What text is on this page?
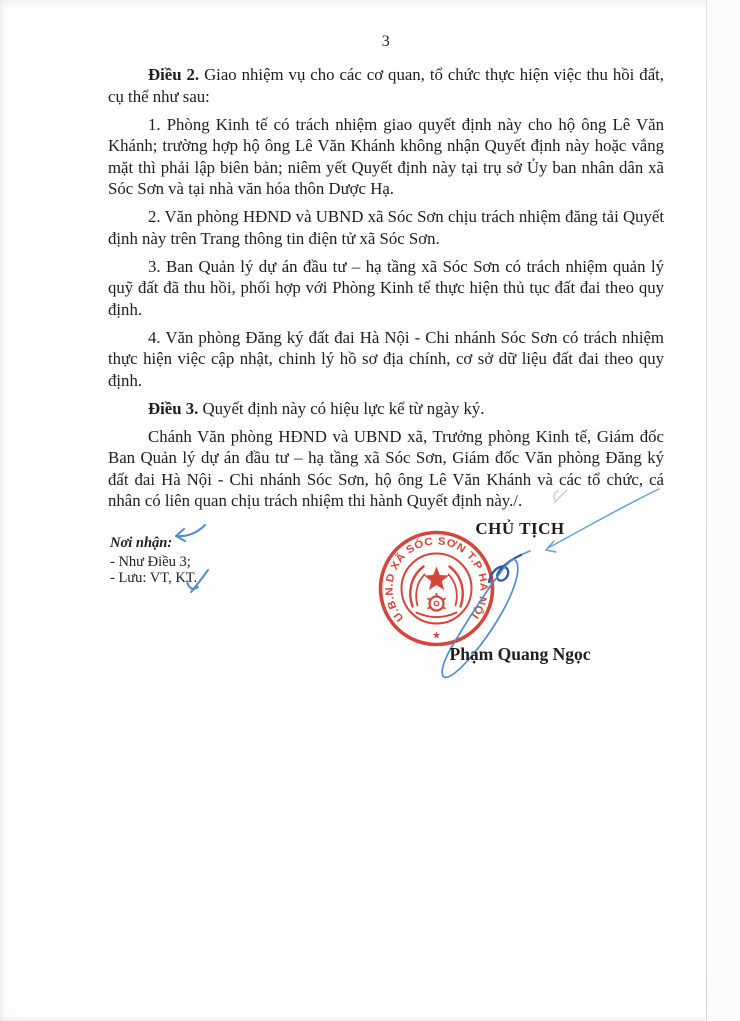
3

Điều 2. Giao nhiệm vụ cho các cơ quan, tổ chức thực hiện việc thu hồi đất, cụ thể như sau:

1. Phòng Kinh tế có trách nhiệm giao quyết định này cho hộ ông Lê Văn Khánh; trường hợp hộ ông Lê Văn Khánh không nhận Quyết định này hoặc vắng mặt thì phải lập biên bản; niêm yết Quyết định này tại trụ sở Ủy ban nhân dân xã Sóc Sơn và tại nhà văn hóa thôn Dược Hạ.

2. Văn phòng HĐND và UBND xã Sóc Sơn chịu trách nhiệm đăng tải Quyết định này trên Trang thông tin điện tử xã Sóc Sơn.

3. Ban Quản lý dự án đầu tư – hạ tầng xã Sóc Sơn có trách nhiệm quản lý quỹ đất đã thu hồi, phối hợp với Phòng Kinh tế thực hiện thủ tục đất đai theo quy định.

4. Văn phòng Đăng ký đất đai Hà Nội - Chi nhánh Sóc Sơn có trách nhiệm thực hiện việc cập nhật, chinh lý hồ sơ địa chính, cơ sở dữ liệu đất đai theo quy định.

Điều 3. Quyết định này có hiệu lực kể từ ngày ký.

Chánh Văn phòng HĐND và UBND xã, Trưởng phòng Kinh tế, Giám đốc Ban Quản lý dự án đầu tư – hạ tầng xã Sóc Sơn, Giám đốc Văn phòng Đăng ký đất đai Hà Nội - Chi nhánh Sóc Sơn, hộ ông Lê Văn Khánh và các tổ chức, cá nhân có liên quan chịu trách nhiệm thi hành Quyết định này./.

Nơi nhận:
- Như Điều 3;
- Lưu: VT, KT.
CHỦ TỊCH
U.B.N.D XÃ SÓC SƠN T.P HÀ NỘI
★
Phạm Quang Ngọc
